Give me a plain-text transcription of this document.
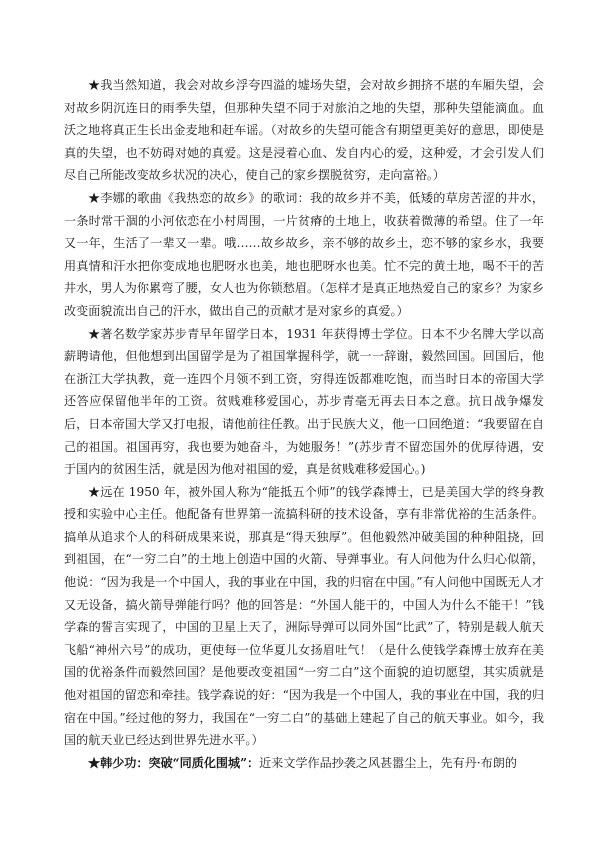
★我当然知道，我会对故乡浮夸四溢的墟场失望，会对故乡拥挤不堪的车厢失望，会对故乡阴沉连日的雨季失望，但那种失望不同于对旅泊之地的失望，那种失望能滴血。血沃之地将真正生长出金麦地和赶车谣。（对故乡的失望可能含有期望更美好的意思，即使是真的失望，也不妨碍对她的真爱。这是浸着心血、发自内心的爱，这种爱，才会引发人们尽自己所能改变故乡状况的决心，使自己的家乡摆脱贫穷，走向富裕。）

★李娜的歌曲《我热恋的故乡》的歌词：我的故乡并不美，低矮的草房苦涩的井水，一条时常干涸的小河依恋在小村周围，一片贫瘠的土地上，收获着微薄的希望。住了一年又一年，生活了一辈又一辈。哦……故乡故乡，亲不够的故乡土，恋不够的家乡水，我要用真情和汗水把你变成地也肥呀水也美，地也肥呀水也美。忙不完的黄土地，喝不干的苦井水，男人为你累弯了腰，女人也为你锁愁眉。（怎样才是真正地热爱自己的家乡？为家乡改变面貌流出自己的汗水，做出自己的贡献才是对家乡的真爱。）

★著名数学家苏步青早年留学日本，1931 年获得博士学位。日本不少名牌大学以高薪聘请他，但他想到出国留学是为了祖国掌握科学，就一一辞谢，毅然回国。回国后，他在浙江大学执教，竟一连四个月领不到工资，穷得连饭都难吃饱，而当时日本的帝国大学还答应保留他半年的工资。贫贱难移爱国心，苏步青毫无再去日本之意。抗日战争爆发后，日本帝国大学又打电报，请他前往任教。出于民族大义，他一口回绝道：“我要留在自己的祖国。祖国再穷，我也要为她奋斗，为她服务！”(苏步青不留恋国外的优厚待遇，安于国内的贫困生活，就是因为他对祖国的爱，真是贫贱难移爱国心。)

★远在 1950 年，被外国人称为“能抵五个师”的钱学森博士，已是美国大学的终身教授和实验中心主任。他配备有世界第一流搞科研的技术设备，享有非常优裕的生活条件。搞单从追求个人的科研成果来说，那真是“得天独厚”。但他毅然冲破美国的种种阻挠，回到祖国，在“一穷二白”的土地上创造中国的火箭、导弹事业。有人问他为什么归心似箭，他说：“因为我是一个中国人，我的事业在中国，我的归宿在中国。”有人问他中国既无人才又无设备，搞火箭导弹能行吗？他的回答是：“外国人能干的，中国人为什么不能干！”钱学森的誓言实现了，中国的卫星上天了，洲际导弹可以同外国“比武”了，特别是载人航天飞船“神州六号”的成功，更使每一位华夏儿女扬眉吐气！（是什么使钱学森博士放弃在美国的优裕条件而毅然回国？是他要改变祖国“一穷二白”这个面貌的迫切愿望，其实质就是他对祖国的留恋和牵挂。钱学森说的好：“因为我是一个中国人，我的事业在中国，我的归宿在中国。”经过他的努力，我国在“一穷二白”的基础上建起了自己的航天事业。如今，我国的航天业已经达到世界先进水平。）

★韩少功：突破“同质化围城”：近来文学作品抄袭之风甚嚣尘上，先有丹·布朗的
